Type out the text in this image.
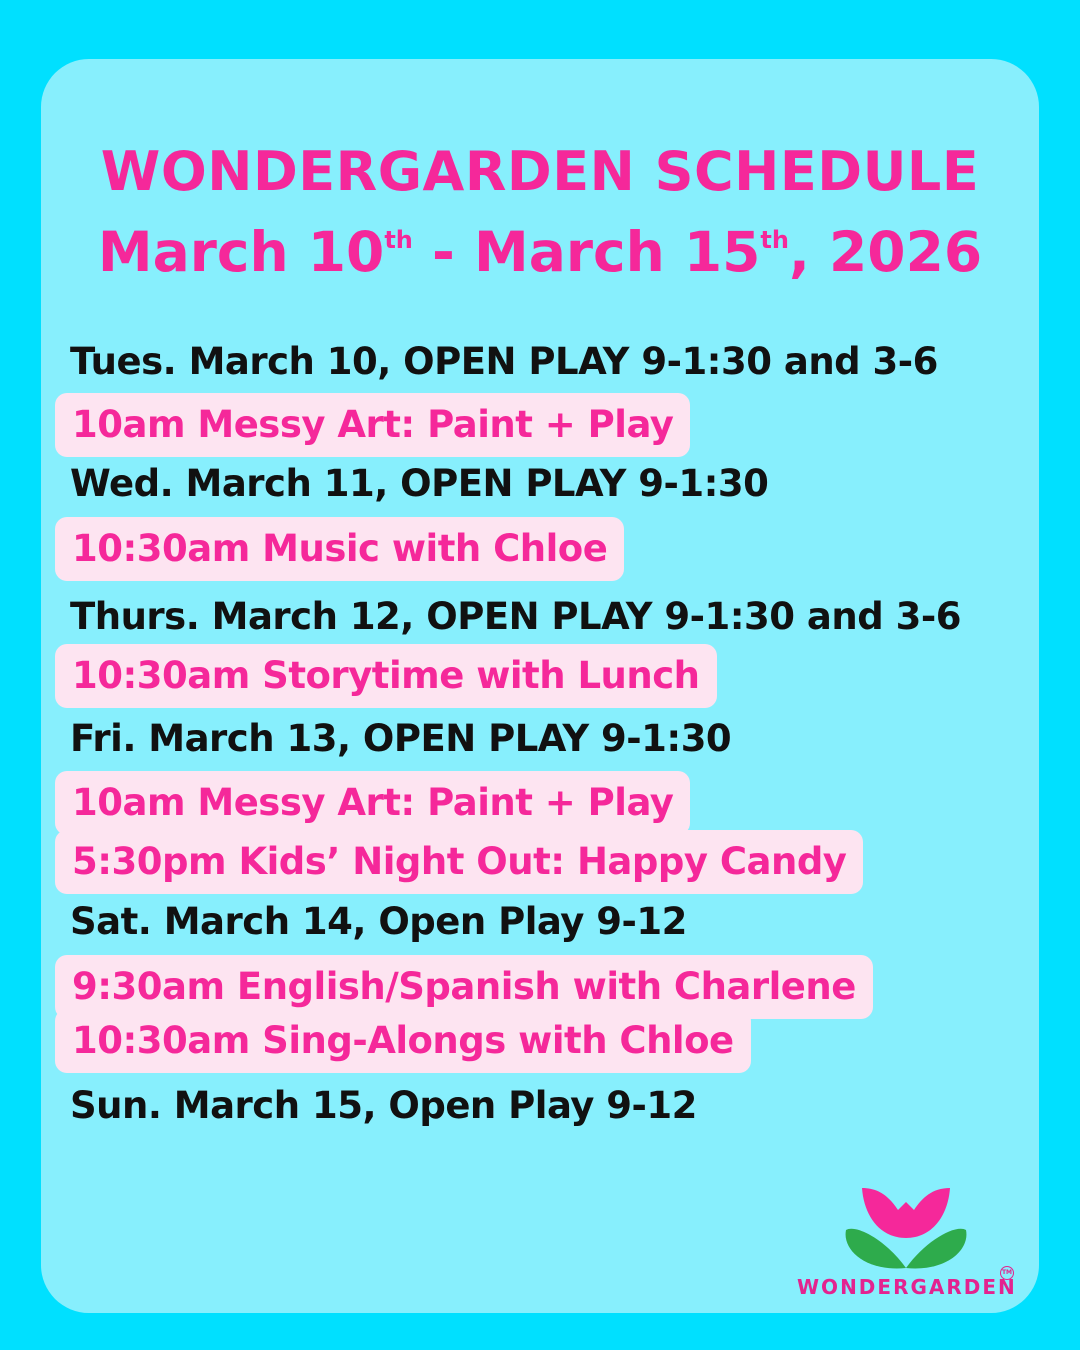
WONDERGARDEN SCHEDULE
March 10th - March 15th, 2026
Tues. March 10, OPEN PLAY 9-1:30 and 3-6
10am Messy Art: Paint + Play
Wed. March 11, OPEN PLAY 9-1:30
10:30am Music with Chloe
Thurs. March 12, OPEN PLAY 9-1:30 and 3-6
10:30am Storytime with Lunch
Fri. March 13, OPEN PLAY 9-1:30
10am Messy Art: Paint + Play
5:30pm Kids’ Night Out: Happy Candy
Sat. March 14, Open Play 9-12
9:30am English/Spanish with Charlene
10:30am Sing-Alongs with Chloe
Sun. March 15, Open Play 9-12
WONDERGARDEN
TM
